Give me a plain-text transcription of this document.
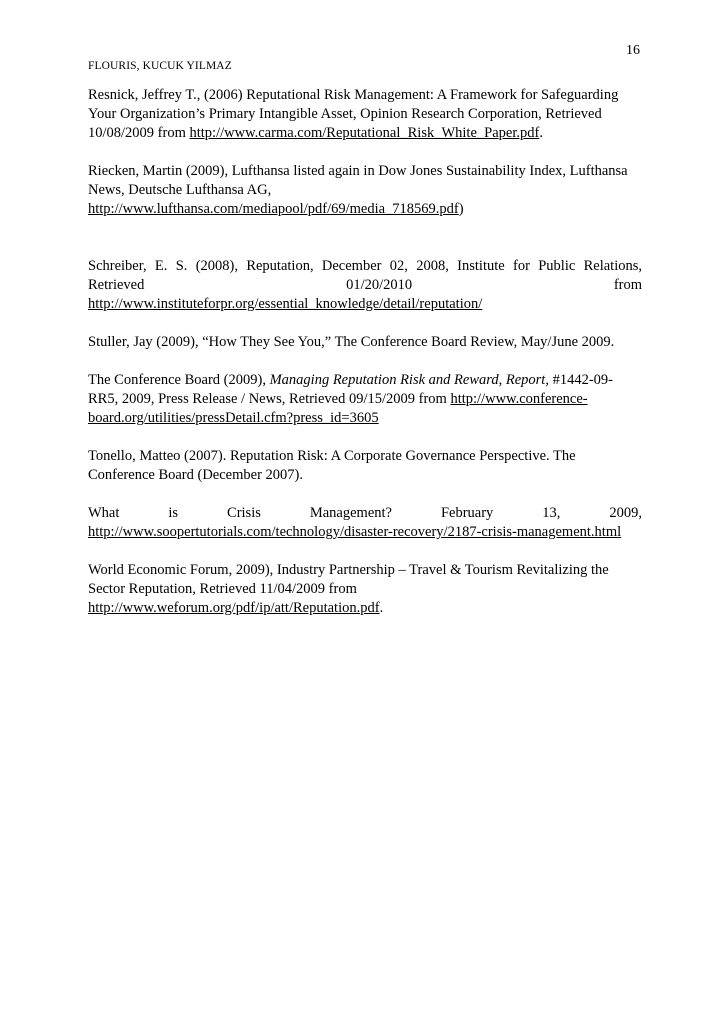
16
FLOURIS, KUCUK YILMAZ
Resnick, Jeffrey T., (2006) Reputational Risk Management: A Framework for Safeguarding
Your Organization’s Primary Intangible Asset, Opinion Research Corporation, Retrieved
10/08/2009 from http://www.carma.com/Reputational_Risk_White_Paper.pdf.
Riecken, Martin (2009), Lufthansa listed again in Dow Jones Sustainability Index, Lufthansa
News, Deutsche Lufthansa AG,
http://www.lufthansa.com/mediapool/pdf/69/media_718569.pdf)
Schreiber, E. S. (2008), Reputation, December 02, 2008, Institute for Public Relations,
Retrieved	01/20/2010	from
http://www.instituteforpr.org/essential_knowledge/detail/reputation/
Stuller, Jay (2009), “How They See You,” The Conference Board Review, May/June 2009.
The Conference Board (2009), Managing Reputation Risk and Reward, Report, #1442-09-
RR5, 2009, Press Release / News, Retrieved 09/15/2009 from http://www.conference-
board.org/utilities/pressDetail.cfm?press_id=3605
Tonello, Matteo (2007). Reputation Risk: A Corporate Governance Perspective. The
Conference Board (December 2007).
What is Crisis Management? February 13, 2009,
http://www.soopertutorials.com/technology/disaster-recovery/2187-crisis-management.html
World Economic Forum, 2009), Industry Partnership – Travel & Tourism Revitalizing the
Sector Reputation, Retrieved 11/04/2009 from
http://www.weforum.org/pdf/ip/att/Reputation.pdf.
